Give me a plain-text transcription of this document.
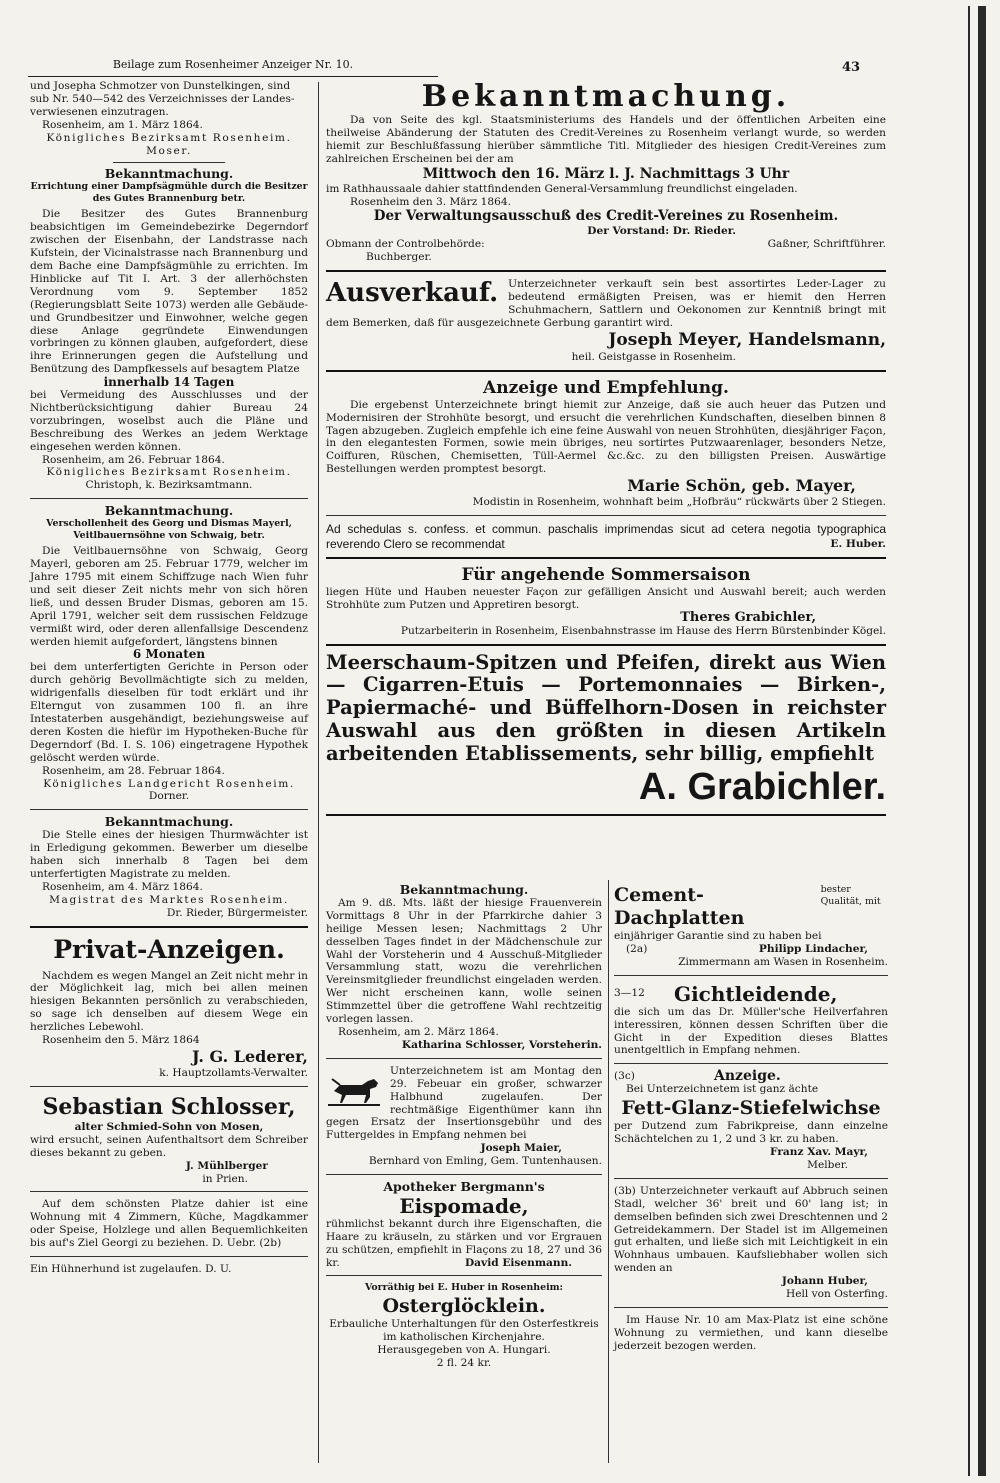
Beilage zum Rosenheimer Anzeiger Nr. 10.	43

und Josepha Schmotzer von Dunstelkingen, sind

sub Nr. 540—542 des Verzeichnisses der Landes-

verwiesenen einzutragen.

Rosenheim, am 1. März 1864.

Königliches Bezirksamt Rosenheim.

Moser.

Bekanntmachung.

Errichtung einer Dampfsägmühle durch die Besitzer des Gutes Brannenburg betr.

Die Besitzer des Gutes Brannenburg beabsichtigen im Gemeindebezirke Degerndorf zwischen der Eisenbahn, der Landstrasse nach Kufstein, der Vicinalstrasse nach Brannenburg und dem Bache eine Dampfsägmühle zu errichten. Im Hinblicke auf Tit I. Art. 3 der allerhöchsten Verordnung vom 9. September 1852 (Regierungsblatt Seite 1073) werden alle Gebäude- und Grundbesitzer und Einwohner, welche gegen diese Anlage gegründete Einwendungen vorbringen zu können glauben, aufgefordert, diese ihre Erinnerungen gegen die Aufstellung und Benützung des Dampfkessels auf besagtem Platze

innerhalb 14 Tagen

bei Vermeidung des Ausschlusses und der Nichtberücksichtigung dahier Bureau 24 vorzubringen, woselbst auch die Pläne und Beschreibung des Werkes an jedem Werktage eingesehen werden können.

Rosenheim, am 26. Februar 1864.

Königliches Bezirksamt Rosenheim.

Christoph, k. Bezirksamtmann.

Bekanntmachung.

Verschollenheit des Georg und Dismas Mayerl, Veitlbauernsöhne von Schwaig, betr.

Die Veitlbauernsöhne von Schwaig, Georg Mayerl, geboren am 25. Februar 1779, welcher im Jahre 1795 mit einem Schiffzuge nach Wien fuhr und seit dieser Zeit nichts mehr von sich hören ließ, und dessen Bruder Dismas, geboren am 15. April 1791, welcher seit dem russischen Feldzuge vermißt wird, oder deren allenfallsige Descendenz werden hiemit aufgefordert, längstens binnen

6 Monaten

bei dem unterfertigten Gerichte in Person oder durch gehörig Bevollmächtigte sich zu melden, widrigenfalls dieselben für todt erklärt und ihr Elterngut von zusammen 100 fl. an ihre Intestaterben ausgehändigt, beziehungsweise auf deren Kosten die hiefür im Hypotheken-Buche für Degerndorf (Bd. I. S. 106) eingetragene Hypothek gelöscht werden würde.

Rosenheim, am 28. Februar 1864.

Königliches Landgericht Rosenheim.

Dorner.

Bekanntmachung.

Die Stelle eines der hiesigen Thurmwächter ist in Erledigung gekommen. Bewerber um dieselbe haben sich innerhalb 8 Tagen bei dem unterfertigten Magistrate zu melden.

Rosenheim, am 4. März 1864.

Magistrat des Marktes Rosenheim.

Dr. Rieder, Bürgermeister.

Privat-Anzeigen.

Nachdem es wegen Mangel an Zeit nicht mehr in der Möglichkeit lag, mich bei allen meinen hiesigen Bekannten persönlich zu verabschieden, so sage ich denselben auf diesem Wege ein herzliches Lebewohl.

Rosenheim den 5. März 1864

J. G. Lederer,

k. Hauptzollamts-Verwalter.

Sebastian Schlosser,

alter Schmied-Sohn von Mosen,

wird ersucht, seinen Aufenthaltsort dem Schreiber dieses bekannt zu geben.

J. Mühlberger

in Prien.

Auf dem schönsten Platze dahier ist eine Wohnung mit 4 Zimmern, Küche, Magdkammer oder Speise, Holzlege und allen Bequemlichkeiten bis auf's Ziel Georgi zu beziehen. D. Uebr. (2b)

Ein Hühnerhund ist zugelaufen. D. U.

Bekanntmachung.

Da von Seite des kgl. Staatsministeriums des Handels und der öffentlichen Arbeiten eine theilweise Abänderung der Statuten des Credit-Vereines zu Rosenheim verlangt wurde, so werden hiemit zur Beschlußfassung hierüber sämmtliche Titl. Mitglieder des hiesigen Credit-Vereines zum zahlreichen Erscheinen bei der am

Mittwoch den 16. März l. J. Nachmittags 3 Uhr

im Rathhaussaale dahier stattfindenden General-Versammlung freundlichst eingeladen.

Rosenheim den 3. März 1864.

Der Verwaltungsausschuß des Credit-Vereines zu Rosenheim.

Der Vorstand: Dr. Rieder.

Obmann der Controlbehörde:	Gaßner, Schriftführer.

Buchberger.

Ausverkauf. Unterzeichneter verkauft sein best assortirtes Leder-Lager zu bedeutend ermäßigten Preisen, was er hiemit den Herren Schuhmachern, Sattlern und Oekonomen zur Kenntniß bringt mit dem Bemerken, daß für ausgezeichnete Gerbung garantirt wird.

Joseph Meyer, Handelsmann,

heil. Geistgasse in Rosenheim.

Anzeige und Empfehlung.

Die ergebenst Unterzeichnete bringt hiemit zur Anzeige, daß sie auch heuer das Putzen und Modernisiren der Strohhüte besorgt, und ersucht die verehrlichen Kundschaften, dieselben binnen 8 Tagen abzugeben. Zugleich empfehle ich eine feine Auswahl von neuen Strohhüten, diesjähriger Façon, in den elegantesten Formen, sowie mein übriges, neu sortirtes Putzwaarenlager, besonders Netze, Coiffuren, Rüschen, Chemisetten, Tüll-Aermel &c.&c. zu den billigsten Preisen. Auswärtige Bestellungen werden promptest besorgt.

Marie Schön, geb. Mayer,

Modistin in Rosenheim, wohnhaft beim „Hofbräu“ rückwärts über 2 Stiegen.

Ad schedulas s. confess. et commun. paschalis imprimendas sicut ad cetera negotia typographica reverendo Clero se recommendat	E. Huber.

Für angehende Sommersaison

liegen Hüte und Hauben neuester Façon zur gefälligen Ansicht und Auswahl bereit; auch werden Strohhüte zum Putzen und Appretiren besorgt.

Theres Grabichler,

Putzarbeiterin in Rosenheim, Eisenbahnstrasse im Hause des Herrn Bürstenbinder Kögel.

Meerschaum-Spitzen und Pfeifen, direkt aus Wien — Cigarren-Etuis — Portemonnaies — Birken-, Papiermaché- und Büffelhorn-Dosen in reichster Auswahl aus den größten in diesen Artikeln arbeitenden Etablissements, sehr billig, empfiehlt

A. Grabichler.

Bekanntmachung.

Am 9. dß. Mts. läßt der hiesige Frauenverein Vormittags 8 Uhr in der Pfarrkirche dahier 3 heilige Messen lesen; Nachmittags 2 Uhr desselben Tages findet in der Mädchenschule zur Wahl der Vorsteherin und 4 Ausschuß-Mitglieder Versammlung statt, wozu die verehrlichen Vereinsmitglieder freundlichst eingeladen werden. Wer nicht erscheinen kann, wolle seinen Stimmzettel über die getroffene Wahl rechtzeitig vorlegen lassen.

Rosenheim, am 2. März 1864.

Katharina Schlosser, Vorsteherin.

Unterzeichnetem ist am Montag den 29. Febeuar ein großer, schwarzer Halbhund zugelaufen. Der rechtmäßige Eigenthümer kann ihn gegen Ersatz der Insertionsgebühr und des Futtergeldes in Empfang nehmen bei

Joseph Maier,

Bernhard von Emling, Gem. Tuntenhausen.

Apotheker Bergmann's

Eispomade,

rühmlichst bekannt durch ihre Eigenschaften, die Haare zu kräuseln, zu stärken und vor Ergrauen zu schützen, empfiehlt in Flaçons zu 18, 27 und 36 kr.	David Eisenmann.

Vorräthig bei E. Huber in Rosenheim:

Osterglöcklein.

Erbauliche Unterhaltungen für den Osterfestkreis im katholischen Kirchenjahre.

Herausgegeben von A. Hungari.

2 fl. 24 kr.

Cement-Dachplatten
bester Qualität, mit

einjähriger Garantie sind zu haben bei

(2a)	Philipp Lindacher,

Zimmermann am Wasen in Rosenheim.

3—12	Gichtleidende,

die sich um das Dr. Müller'sche Heilverfahren interessiren, können dessen Schriften über die Gicht in der Expedition dieses Blattes unentgeltlich in Empfang nehmen.

(3c)	Anzeige.

Bei Unterzeichnetem ist ganz ächte

Fett-Glanz-Stiefelwichse

per Dutzend zum Fabrikpreise, dann einzelne Schächtelchen zu 1, 2 und 3 kr. zu haben.

Franz Xav. Mayr,

Melber.

(3b) Unterzeichneter verkauft auf Abbruch seinen Stadl, welcher 36' breit und 60' lang ist; in demselben befinden sich zwei Dreschtennen und 2 Getreidekammern. Der Stadel ist im Allgemeinen gut erhalten, und ließe sich mit Leichtigkeit in ein Wohnhaus umbauen. Kaufsliebhaber wollen sich wenden an

Johann Huber,

Hell von Osterfing.

Im Hause Nr. 10 am Max-Platz ist eine schöne Wohnung zu vermiethen, und kann dieselbe jederzeit bezogen werden.
